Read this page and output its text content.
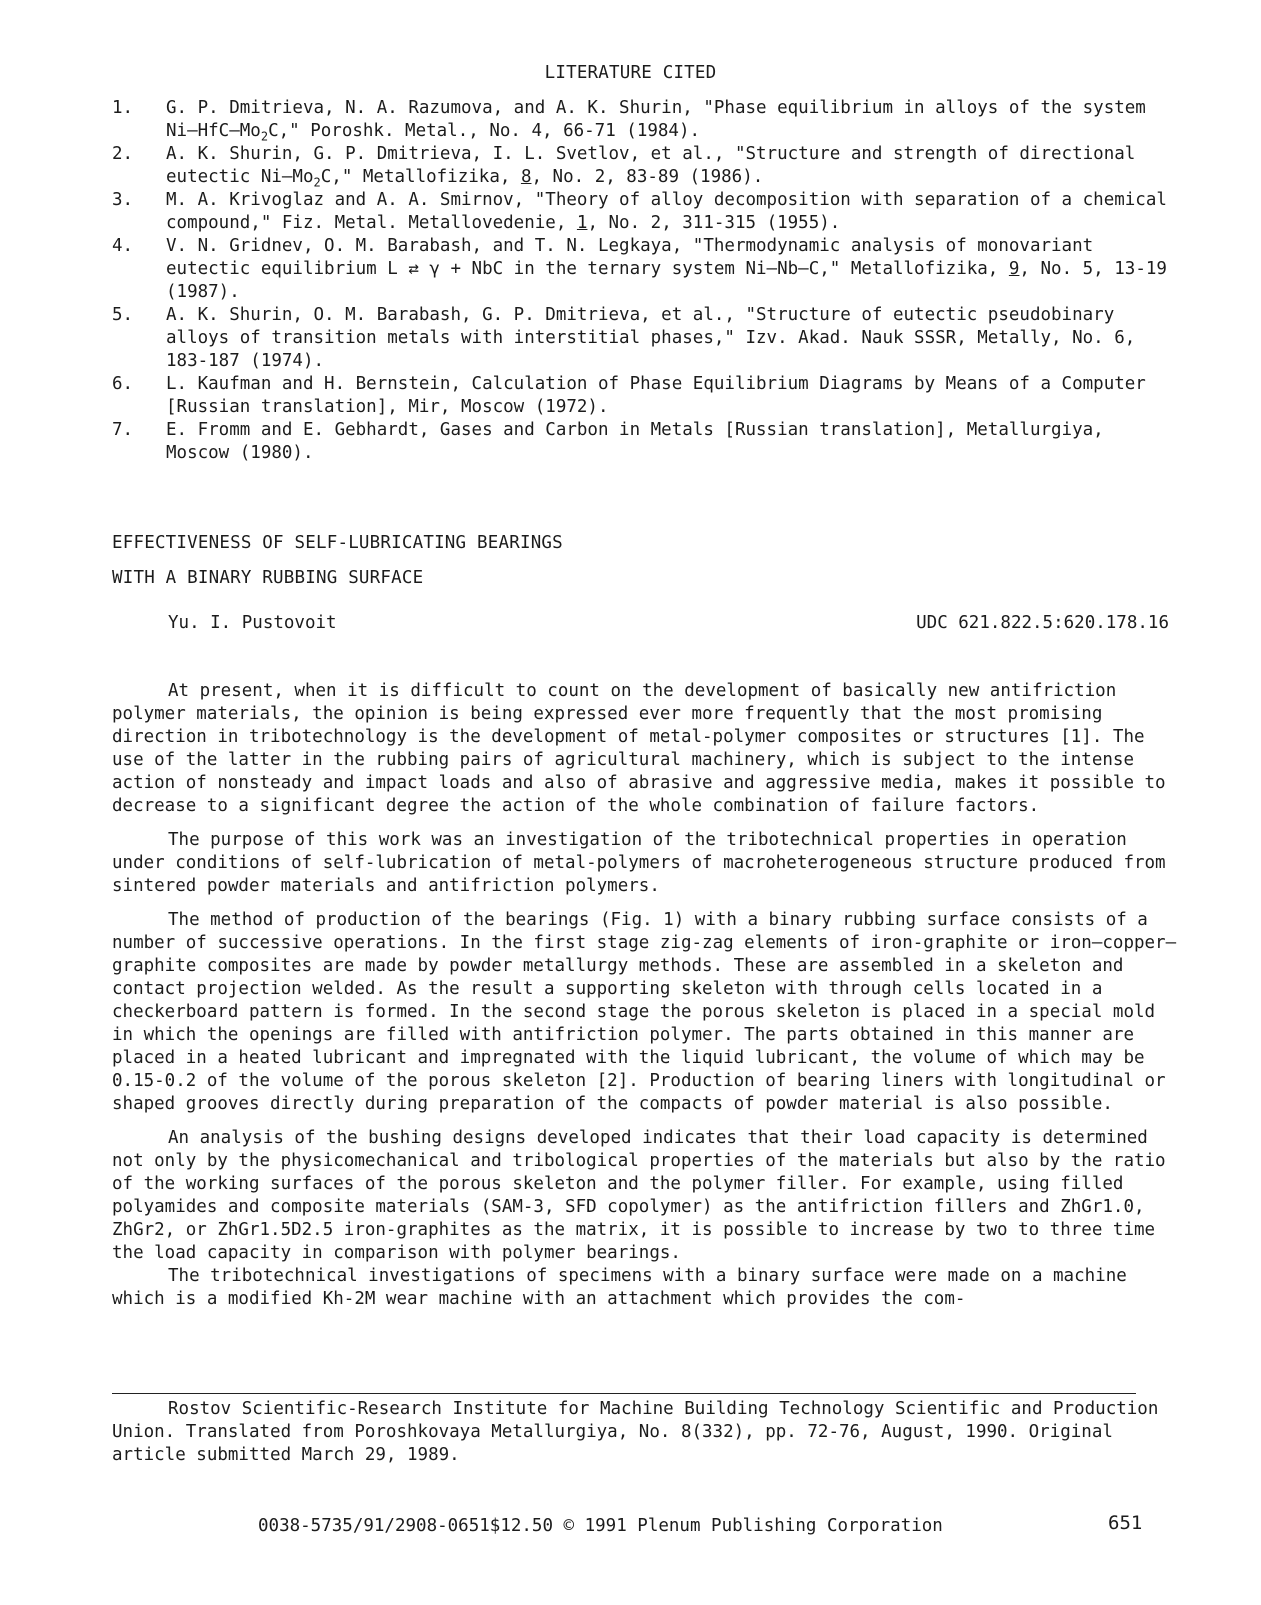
LITERATURE CITED
1.	G. P. Dmitrieva, N. A. Razumova, and A. K. Shurin, "Phase equilibrium in alloys of the system $Ni—HfC—Mo_2C$," Poroshk. Metal., No. 4, 66-71 (1984).
2.	A. K. Shurin, G. P. Dmitrieva, I. L. Svetlov, et al., "Structure and strength of directional eutectic $Ni—Mo_2C$," Metallofizika, 8, No. 2, 83-89 (1986).
3.	M. A. Krivoglaz and A. A. Smirnov, "Theory of alloy decomposition with separation of a chemical compound," Fiz. Metal. Metallovedenie, 1, No. 2, 311-315 (1955).
4.	V. N. Gridnev, O. M. Barabash, and T. N. Legkaya, "Thermodynamic analysis of monovariant eutectic equilibrium L ⇄ γ + NbC in the ternary system Ni—Nb—C," Metallofizika, 9, No. 5, 13-19 (1987).
5.	A. K. Shurin, O. M. Barabash, G. P. Dmitrieva, et al., "Structure of eutectic pseudobinary alloys of transition metals with interstitial phases," Izv. Akad. Nauk SSSR, Metally, No. 6, 183-187 (1974).
6.	L. Kaufman and H. Bernstein, Calculation of Phase Equilibrium Diagrams by Means of a Computer [Russian translation], Mir, Moscow (1972).
7.	E. Fromm and E. Gebhardt, Gases and Carbon in Metals [Russian translation], Metallurgiya, Moscow (1980).
EFFECTIVENESS OF SELF-LUBRICATING BEARINGS
WITH A BINARY RUBBING SURFACE
Yu. I. Pustovoit	UDC 621.822.5:620.178.16

At present, when it is difficult to count on the development of basically new antifriction polymer materials, the opinion is being expressed ever more frequently that the most promising direction in tribotechnology is the development of metal-polymer composites or structures [1]. The use of the latter in the rubbing pairs of agricultural machinery, which is subject to the intense action of nonsteady and impact loads and also of abrasive and aggressive media, makes it possible to decrease to a significant degree the action of the whole combination of failure factors.

The purpose of this work was an investigation of the tribotechnical properties in operation under conditions of self-lubrication of metal-polymers of macroheterogeneous structure produced from sintered powder materials and antifriction polymers.

The method of production of the bearings (Fig. 1) with a binary rubbing surface consists of a number of successive operations. In the first stage zig-zag elements of iron-graphite or iron—copper—graphite composites are made by powder metallurgy methods. These are assembled in a skeleton and contact projection welded. As the result a supporting skeleton with through cells located in a checkerboard pattern is formed. In the second stage the porous skeleton is placed in a special mold in which the openings are filled with antifriction polymer. The parts obtained in this manner are placed in a heated lubricant and impregnated with the liquid lubricant, the volume of which may be 0.15-0.2 of the volume of the porous skeleton [2]. Production of bearing liners with longitudinal or shaped grooves directly during preparation of the compacts of powder material is also possible.

An analysis of the bushing designs developed indicates that their load capacity is determined not only by the physicomechanical and tribological properties of the materials but also by the ratio of the working surfaces of the porous skeleton and the polymer filler. For example, using filled polyamides and composite materials (SAM-3, SFD copolymer) as the antifriction fillers and ZhGr1.0, ZhGr2, or ZhGr1.5D2.5 iron-graphites as the matrix, it is possible to increase by two to three time the load capacity in comparison with polymer bearings.

The tribotechnical investigations of specimens with a binary surface were made on a machine which is a modified Kh-2M wear machine with an attachment which provides the com-

Rostov Scientific-Research Institute for Machine Building Technology Scientific and Production Union. Translated from Poroshkovaya Metallurgiya, No. 8(332), pp. 72-76, August, 1990. Original article submitted March 29, 1989.
0038-5735/91/2908-0651$12.50 © 1991 Plenum Publishing Corporation	651
